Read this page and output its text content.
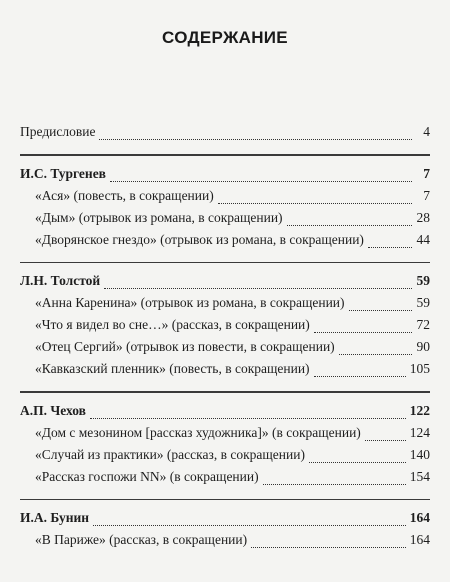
СОДЕРЖАНИЕ
Предисловие	4
И.С. Тургенев	7
«Ася» (повесть, в сокращении)	7
«Дым» (отрывок из романа, в сокращении)	28
«Дворянское гнездо» (отрывок из романа, в сокращении)	44
Л.Н. Толстой	59
«Анна Каренина» (отрывок из романа, в сокращении)	59
«Что я видел во сне…» (рассказ, в сокращении)	72
«Отец Сергий» (отрывок из повести, в сокращении)	90
«Кавказский пленник» (повесть, в сокращении)	105
А.П. Чехов	122
«Дом с мезонином [рассказ художника]» (в сокращении)	124
«Случай из практики» (рассказ, в сокращении)	140
«Рассказ госпожи NN» (в сокращении)	154
И.А. Бунин	164
«В Париже» (рассказ, в сокращении)	164
